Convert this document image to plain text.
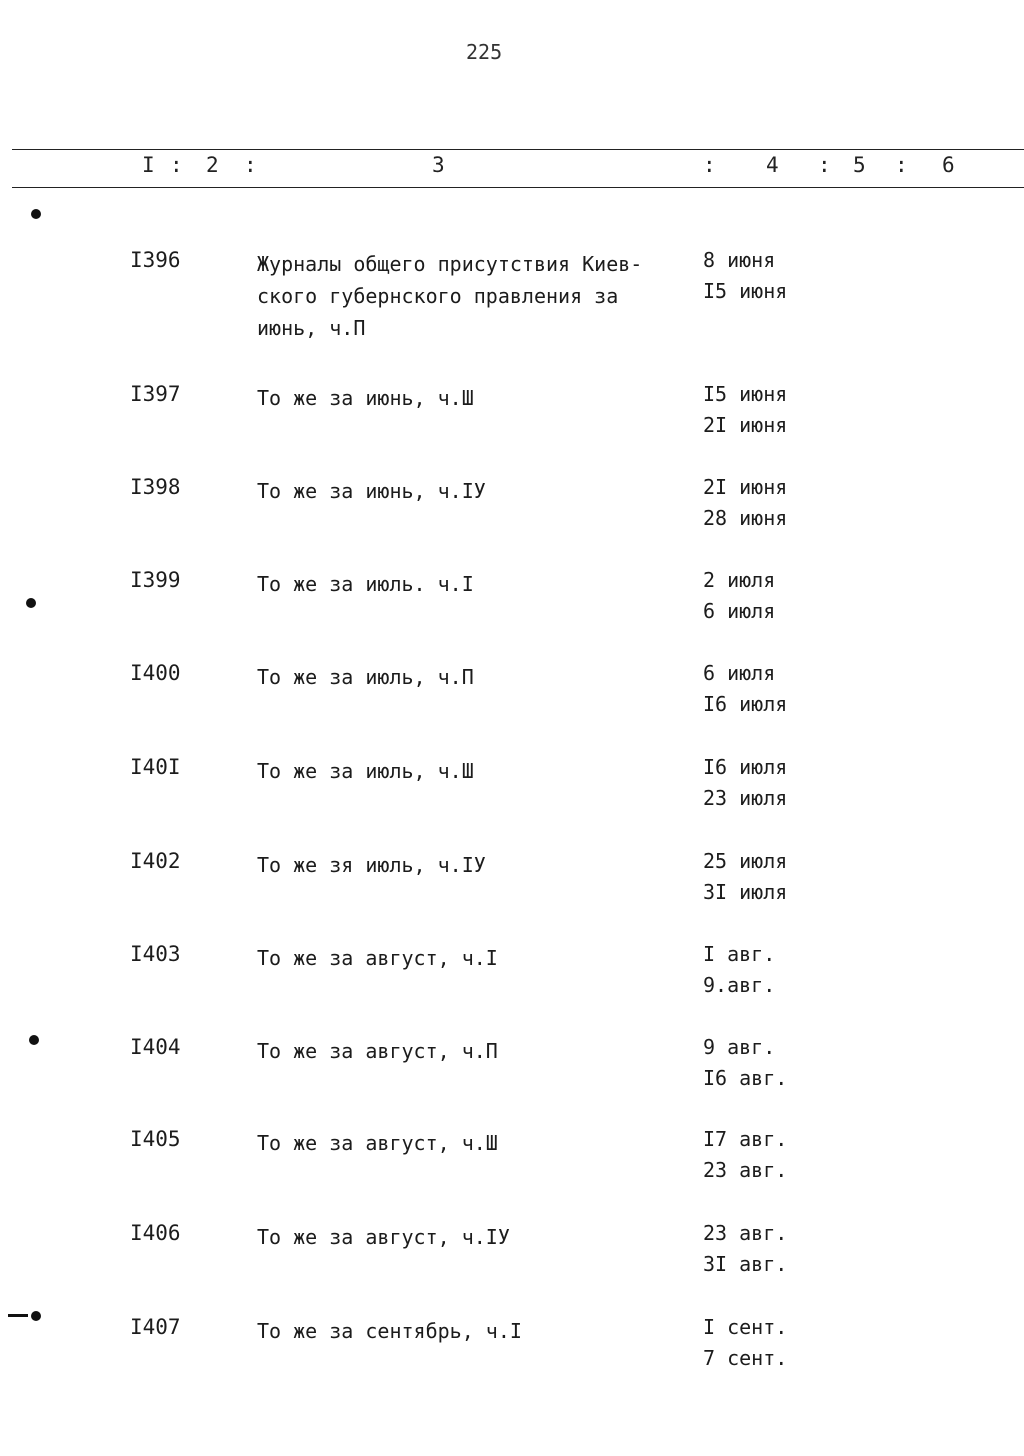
225
I : 2 :	3	: 4 : 5 : 6
I396	Журналы общего присутствия Киев-
ского губернского правления за
июнь, ч.П
8 июня
I5 июня
I397	То же за июнь, ч.Ш	I5 июня
2I июня
I398	То же за июнь, ч.IУ	2I июня
28 июня
I399	То же за июль. ч.I	2 июля
6 июля
I400	То же за июль, ч.П	6 июля
I6 июля
I40I	То же за июль, ч.Ш	I6 июля
23 июля
I402	То же зя июль, ч.IУ	25 июля
3I июля
I403	То же за август, ч.I	I авг.
9.авг.
I404	То же за август, ч.П	9 авг.
I6 авг.
I405	То же за август, ч.Ш	I7 авг.
23 авг.
I406	То же за август, ч.IУ	23 авг.
3I авг.
I407	То же за сентябрь, ч.I	I сент.
7 сент.
